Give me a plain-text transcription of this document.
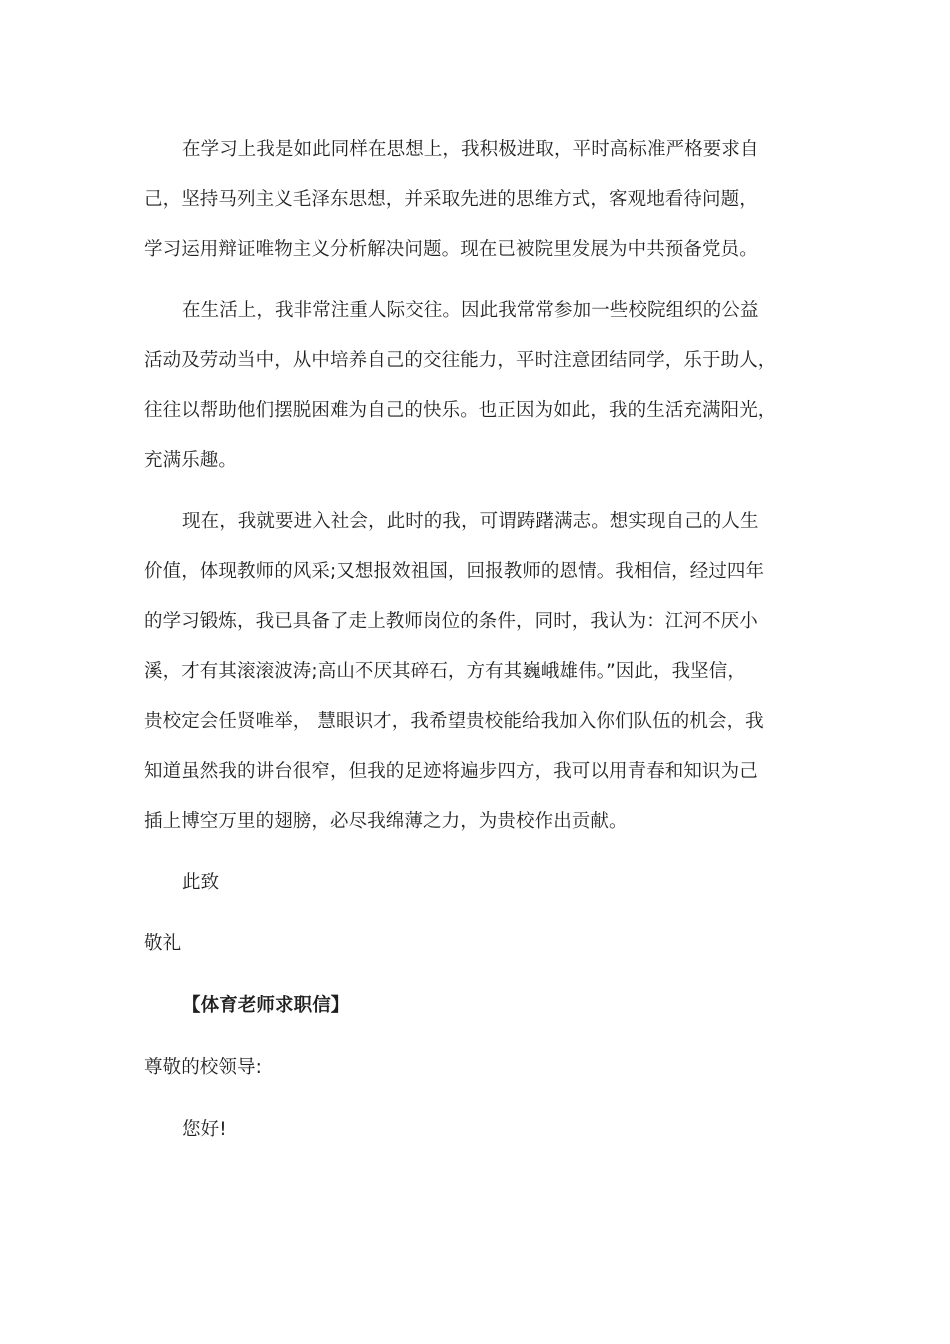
在学习上我是如此同样在思想上，我积极进取，平时高标准严格要求自
己，坚持马列主义毛泽东思想，并采取先进的思维方式，客观地看待问题，
学习运用辩证唯物主义分析解决问题。现在已被院里发展为中共预备党员。
在生活上，我非常注重人际交往。因此我常常参加一些校院组织的公益
活动及劳动当中，从中培养自己的交往能力，平时注意团结同学，乐于助人，
往往以帮助他们摆脱困难为自己的快乐。也正因为如此，我的生活充满阳光，
充满乐趣。
现在，我就要进入社会，此时的我，可谓踌躇满志。想实现自己的人生
价值，体现教师的风采;又想报效祖国，回报教师的恩情。我相信，经过四年
的学习锻炼，我已具备了走上教师岗位的条件，同时，我认为：江河不厌小
溪，才有其滚滚波涛;高山不厌其碎石，方有其巍峨雄伟。”因此，我坚信，
贵校定会任贤唯举， 慧眼识才，我希望贵校能给我加入你们队伍的机会，我
知道虽然我的讲台很窄，但我的足迹将遍步四方，我可以用青春和知识为己
插上博空万里的翅膀，必尽我绵薄之力，为贵校作出贡献。
此致
敬礼
【体育老师求职信】
尊敬的校领导:
您好!
